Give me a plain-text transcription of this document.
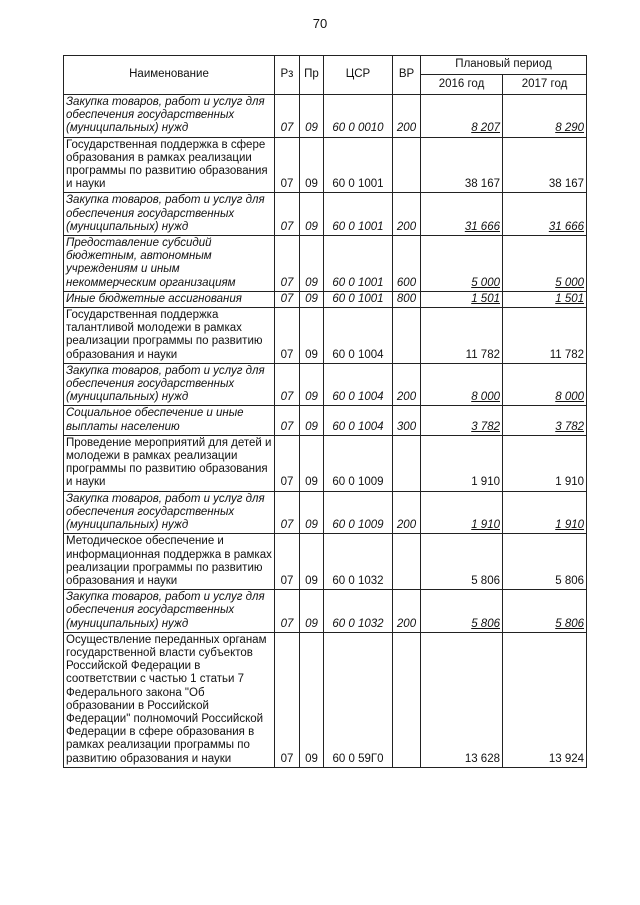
70
Наименование	Рз	Пр	ЦСР	ВР	Плановый период	
					2016 год	2017 год
Закупка товаров, работ и услуг для обеспечения государственных (муниципальных) нужд	07	09	60 0 0010	200	8 207	8 290
Государственная поддержка в сфере образования в рамках реализации программы по развитию образования и науки	07	09	60 0 1001		38 167	38 167
Закупка товаров, работ и услуг для обеспечения государственных (муниципальных) нужд	07	09	60 0 1001	200	31 666	31 666
Предоставление субсидий бюджетным, автономным учреждениям и иным некоммерческим организациям	07	09	60 0 1001	600	5 000	5 000
Иные бюджетные ассигнования	07	09	60 0 1001	800	1 501	1 501
Государственная поддержка талантливой молодежи в рамках реализации программы по развитию образования и науки	07	09	60 0 1004		11 782	11 782
Закупка товаров, работ и услуг для обеспечения государственных (муниципальных) нужд	07	09	60 0 1004	200	8 000	8 000
Социальное обеспечение и иные выплаты населению	07	09	60 0 1004	300	3 782	3 782
Проведение мероприятий для детей и молодежи в рамках реализации программы по развитию образования и науки	07	09	60 0 1009		1 910	1 910
Закупка товаров, работ и услуг для обеспечения государственных (муниципальных) нужд	07	09	60 0 1009	200	1 910	1 910
Методическое обеспечение и информационная поддержка в рамках реализации программы по развитию образования и науки	07	09	60 0 1032		5 806	5 806
Закупка товаров, работ и услуг для обеспечения государственных (муниципальных) нужд	07	09	60 0 1032	200	5 806	5 806
Осуществление переданных органам государственной власти субъектов Российской Федерации в соответствии с частью 1 статьи 7 Федерального закона "Об образовании в Российской Федерации" полномочий Российской Федерации в сфере образования в рамках реализации программы по развитию образования и науки	07	09	60 0 59Г0		13 628	13 924
